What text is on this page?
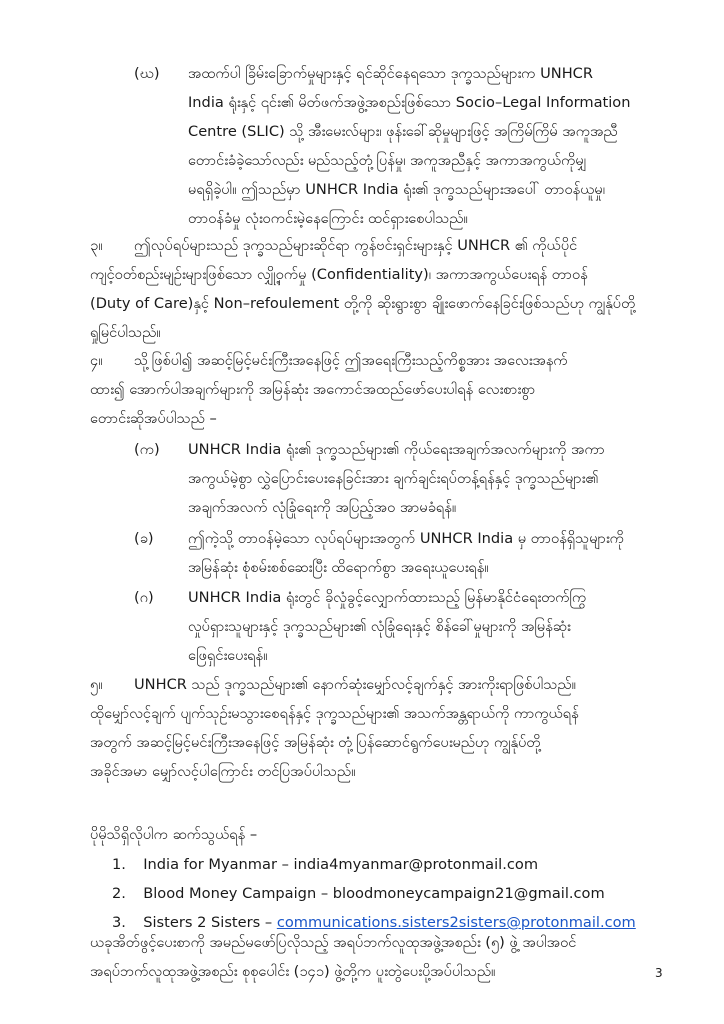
(ဃ) အထက်ပါ ခြိမ်းခြောက်မှုများနှင့် ရင်ဆိုင်နေရသော ဒုက္ခသည်များက UNHCR
India ရုံးနှင့် ၎င်း၏ မိတ်ဖက်အဖွဲ့အစည်းဖြစ်သော Socio–Legal Information
Centre (SLIC) သို့ အီးမေးလ်များ၊ ဖုန်းခေါ်ဆိုမှုများဖြင့် အကြိမ်ကြိမ် အကူအညီ
တောင်းခံခဲ့သော်လည်း မည်သည့်တုံ့ပြန်မှု၊ အကူအညီနှင့် အကာအကွယ်ကိုမျှ
မရရှိခဲ့ပါ။ ဤသည်မှာ UNHCR India ရုံး၏ ဒုက္ခသည်များအပေါ် တာဝန်ယူမှု၊
တာဝန်ခံမှု လုံးဝကင်းမဲ့နေကြောင်း ထင်ရှားစေပါသည်။
၃။ ဤလုပ်ရပ်များသည် ဒုက္ခသည်များဆိုင်ရာ ကွန်ဗင်းရှင်းများနှင့် UNHCR ၏ ကိုယ်ပိုင်
ကျင့်ဝတ်စည်းမျဉ်းများဖြစ်သော လျှို့ဝှက်မှု (Confidentiality)၊ အကာအကွယ်ပေးရန် တာဝန်
(Duty of Care)နှင့် Non–refoulement တို့ကို ဆိုးရွားစွာ ချိုးဖောက်နေခြင်းဖြစ်သည်ဟု ကျွန်ုပ်တို့
ရှုမြင်ပါသည်။
၄။ သို့ဖြစ်ပါ၍ အဆင့်မြင့်မင်းကြီးအနေဖြင့် ဤအရေးကြီးသည့်ကိစ္စအား အလေးအနက်
ထား၍ အောက်ပါအချက်များကို အမြန်ဆုံး အကောင်အထည်ဖော်ပေးပါရန် လေးစားစွာ
တောင်းဆိုအပ်ပါသည် –
(က) UNHCR India ရုံး၏ ဒုက္ခသည်များ၏ ကိုယ်ရေးအချက်အလက်များကို အကာ
အကွယ်မဲ့စွာ လွှဲပြောင်းပေးနေခြင်းအား ချက်ချင်းရပ်တန့်ရန်နှင့် ဒုက္ခသည်များ၏
အချက်အလက် လုံခြုံရေးကို အပြည့်အဝ အာမခံရန်။
(ခ) ဤကဲ့သို့ တာဝန်မဲ့သော လုပ်ရပ်များအတွက် UNHCR India မှ တာဝန်ရှိသူများကို
အမြန်ဆုံး စုံစမ်းစစ်ဆေးပြီး ထိရောက်စွာ အရေးယူပေးရန်။
(ဂ) UNHCR India ရုံးတွင် ခိုလှုံခွင့်လျှောက်ထားသည့် မြန်မာနိုင်ငံရေးတက်ကြွ
လှုပ်ရှားသူများနှင့် ဒုက္ခသည်များ၏ လုံခြုံရေးနှင့် စိန်ခေါ်မှုများကို အမြန်ဆုံး
ဖြေရှင်းပေးရန်။
၅။ UNHCR သည် ဒုက္ခသည်များ၏ နောက်ဆုံးမျှော်လင့်ချက်နှင့် အားကိုးရာဖြစ်ပါသည်။
ထိုမျှော်လင့်ချက် ပျက်သုဉ်းမသွားစေရန်နှင့် ဒုက္ခသည်များ၏ အသက်အန္တရာယ်ကို ကာကွယ်ရန်
အတွက် အဆင့်မြင့်မင်းကြီးအနေဖြင့် အမြန်ဆုံး တုံ့ပြန်ဆောင်ရွက်ပေးမည်ဟု ကျွန်ုပ်တို့
အခိုင်အမာ မျှော်လင့်ပါကြောင်း တင်ပြအပ်ပါသည်။
ပိုမိုသိရှိလိုပါက ဆက်သွယ်ရန် –
1. India for Myanmar – india4myanmar@protonmail.com
2. Blood Money Campaign – bloodmoneycampaign21@gmail.com
3. Sisters 2 Sisters – communications.sisters2sisters@protonmail.com
ယခုအိတ်ဖွင့်ပေးစာကို အမည်မဖော်ပြလိုသည့် အရပ်ဘက်လူထုအဖွဲ့အစည်း (၅) ဖွဲ့ အပါအဝင်
အရပ်ဘက်လူထုအဖွဲ့အစည်း စုစုပေါင်း (၁၄၁) ဖွဲ့တို့က ပူးတွဲပေးပို့အပ်ပါသည်။	3
